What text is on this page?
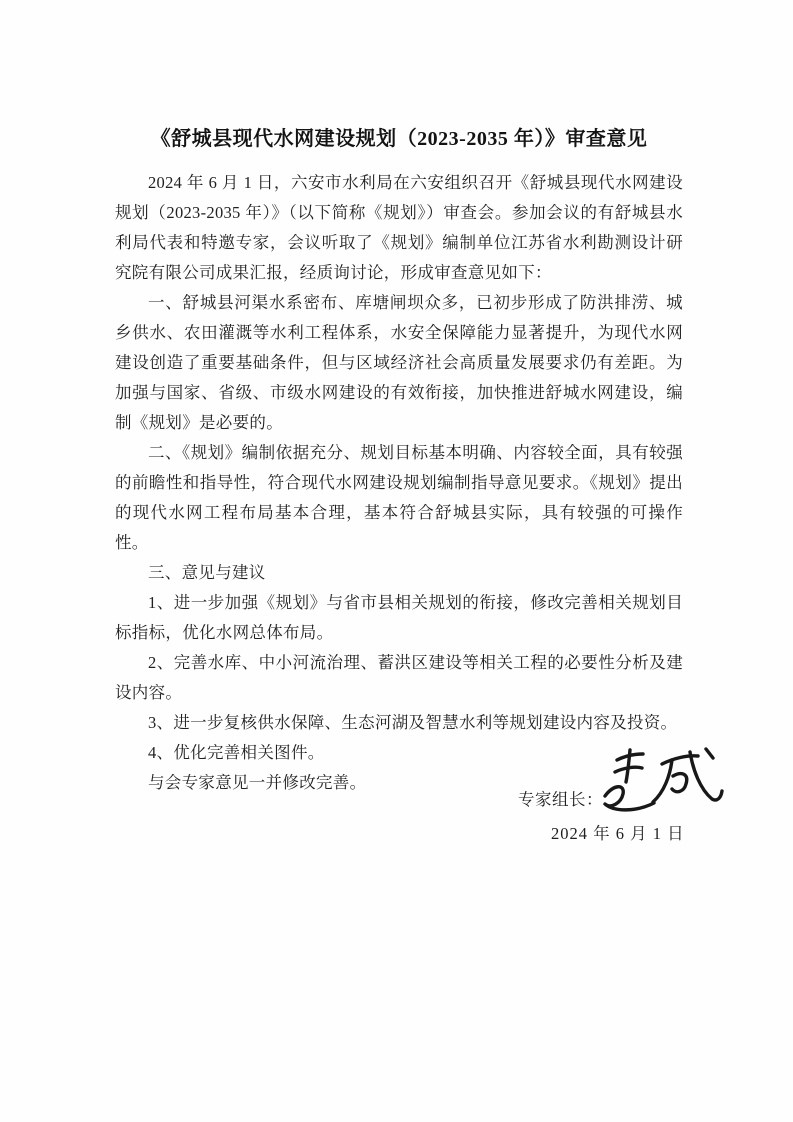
《舒城县现代水网建设规划（2023-2035 年）》审查意见

2024 年 6 月 1 日，六安市水利局在六安组织召开《舒城县现代水网建设规划（2023-2035 年）》（以下简称《规划》）审查会。参加会议的有舒城县水利局代表和特邀专家，会议听取了《规划》编制单位江苏省水利勘测设计研究院有限公司成果汇报，经质询讨论，形成审查意见如下：

一、舒城县河渠水系密布、库塘闸坝众多，已初步形成了防洪排涝、城乡供水、农田灌溉等水利工程体系，水安全保障能力显著提升，为现代水网建设创造了重要基础条件，但与区域经济社会高质量发展要求仍有差距。为加强与国家、省级、市级水网建设的有效衔接，加快推进舒城水网建设，编制《规划》是必要的。

二、《规划》编制依据充分、规划目标基本明确、内容较全面，具有较强的前瞻性和指导性，符合现代水网建设规划编制指导意见要求。《规划》提出的现代水网工程布局基本合理，基本符合舒城县实际，具有较强的可操作性。

三、意见与建议

1、进一步加强《规划》与省市县相关规划的衔接，修改完善相关规划目标指标，优化水网总体布局。

2、完善水库、中小河流治理、蓄洪区建设等相关工程的必要性分析及建设内容。

3、进一步复核供水保障、生态河湖及智慧水利等规划建设内容及投资。

4、优化完善相关图件。

与会专家意见一并修改完善。

专家组长：
2024 年 6 月 1 日
